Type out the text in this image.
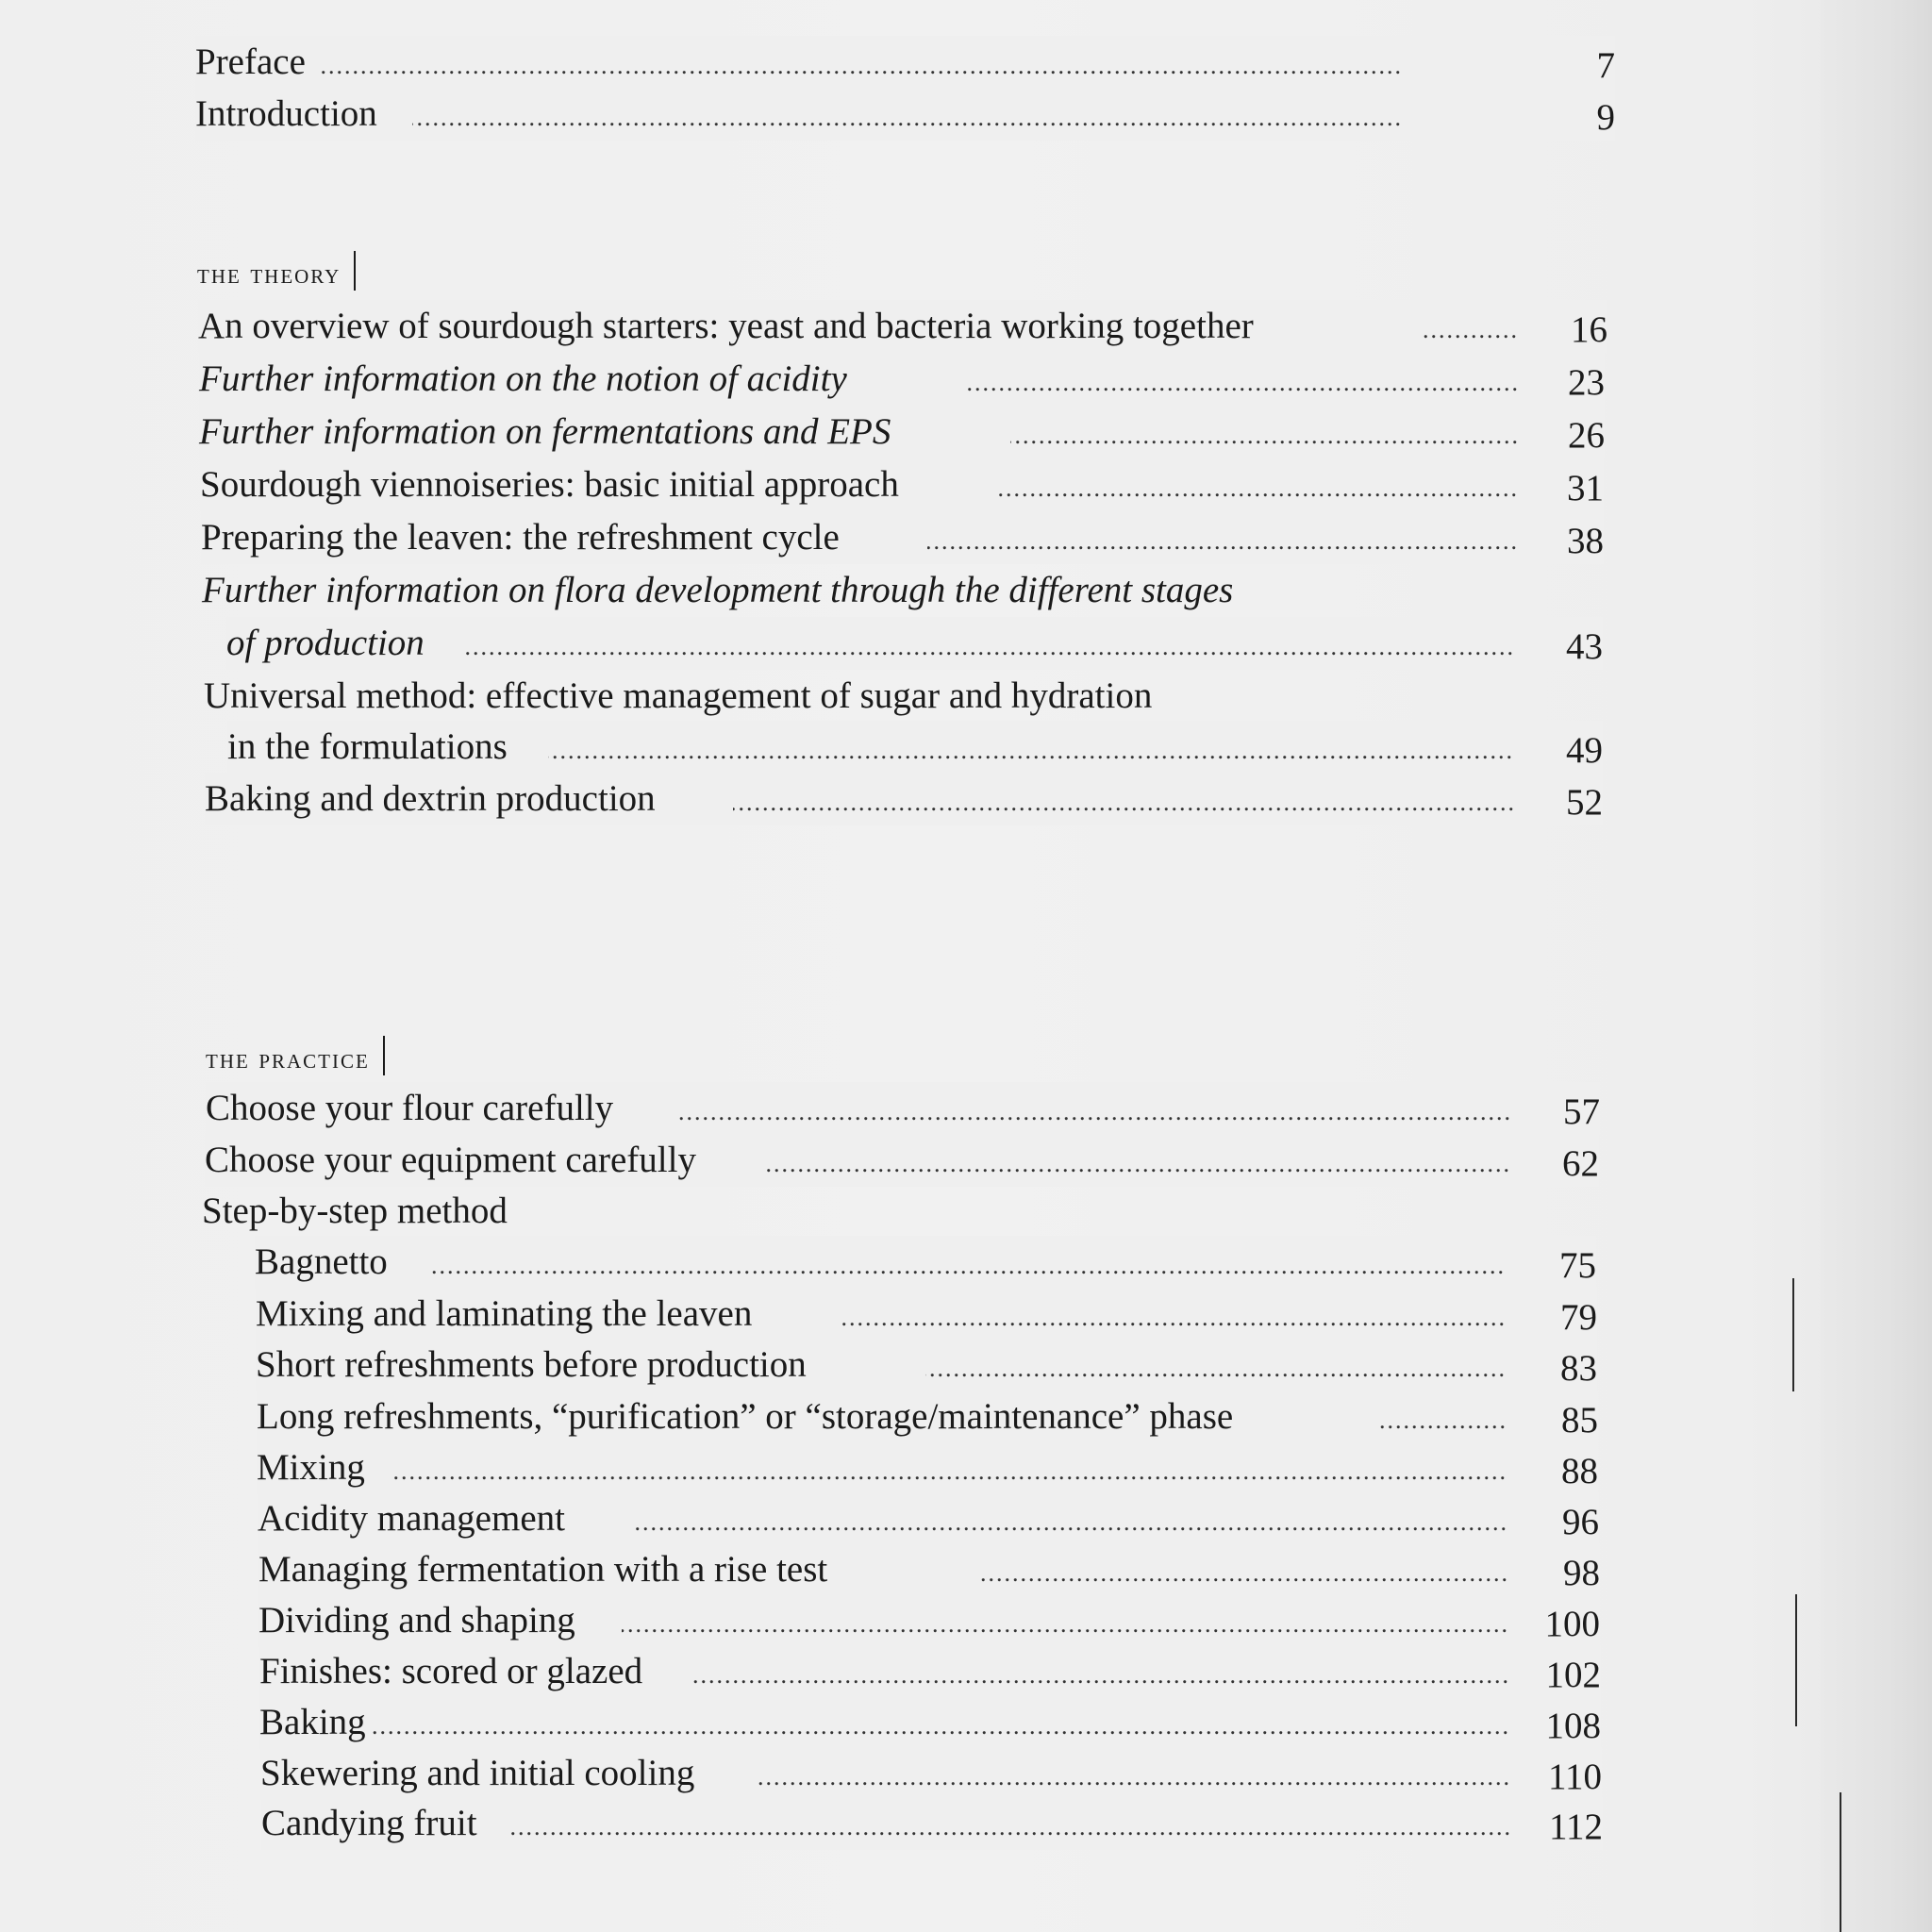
Preface .....	7
Introduction .....	9
the theory
An overview of sourdough starters: yeast and bacteria working together .....	16
Further information on the notion of acidity .....	23
Further information on fermentations and EPS .....	26
Sourdough viennoiseries: basic initial approach .....	31
Preparing the leaven: the refreshment cycle .....	38
Further information on flora development through the different stages
of production .....	43
Universal method: effective management of sugar and hydration
in the formulations .....	49
Baking and dextrin production .....	52
the practice
Choose your flour carefully .....	57
Choose your equipment carefully .....	62
Step-by-step method
Bagnetto .....	75
Mixing and laminating the leaven .....	79
Short refreshments before production .....	83
Long refreshments, “purification” or “storage/maintenance” phase .....	85
Mixing .....	88
Acidity management .....	96
Managing fermentation with a rise test .....	98
Dividing and shaping .....	100
Finishes: scored or glazed .....	102
Baking .....	108
Skewering and initial cooling .....	110
Candying fruit .....	112
